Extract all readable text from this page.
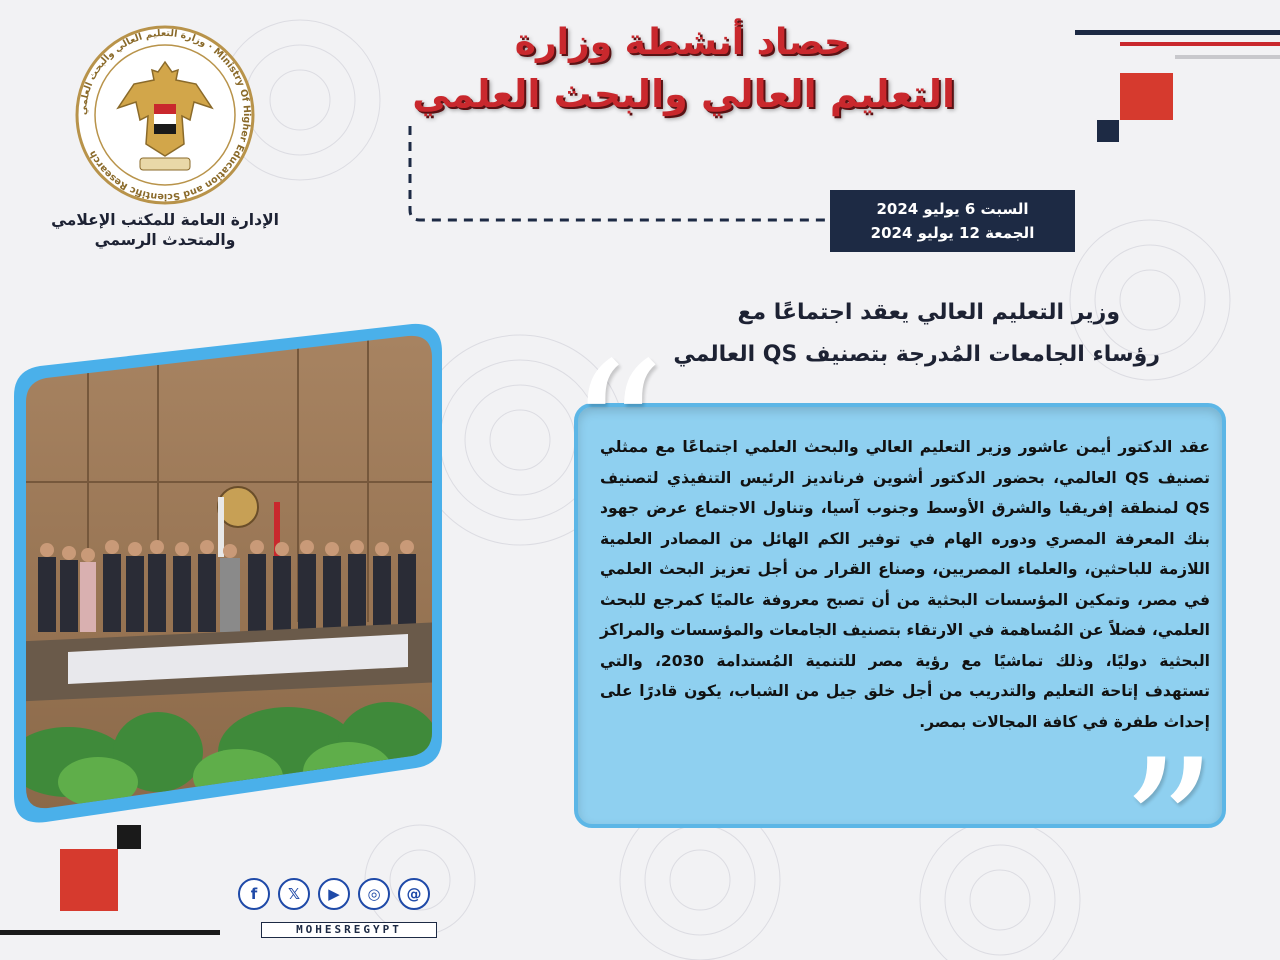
وزارة التعليم العالي والبحث العلمي · Ministry Of Higher Education and Scientific Research
الإدارة العامة للمكتب الإعلامي
والمتحدث الرسمي
حصاد أنشطة وزارة
التعليم العالي والبحث العلمي
السبت 6 يوليو 2024
الجمعة 12 يوليو 2024
وزير التعليم العالي يعقد اجتماعًا مع
رؤساء الجامعات المُدرجة بتصنيف QS العالمي
“
”
عقد الدكتور أيمن عاشور وزير التعليم العالي والبحث العلمي اجتماعًا مع ممثلي تصنيف QS العالمي، بحضور الدكتور أشوين فرنانديز الرئيس التنفيذي لتصنيف QS لمنطقة إفريقيا والشرق الأوسط وجنوب آسيا، وتناول الاجتماع عرض جهود بنك المعرفة المصري ودوره الهام في توفير الكم الهائل من المصادر العلمية اللازمة للباحثين، والعلماء المصريين، وصناع القرار من أجل تعزيز البحث العلمي في مصر، وتمكين المؤسسات البحثية من أن تصبح معروفة عالميًا كمرجع للبحث العلمي، فضلاً عن المُساهمة في الارتقاء بتصنيف الجامعات والمؤسسات والمراكز البحثية دوليًا، وذلك تماشيًا مع رؤية مصر للتنمية المُستدامة 2030، والتي تستهدف إتاحة التعليم والتدريب من أجل خلق جيل من الشباب، يكون قادرًا على إحداث طفرة في كافة المجالات بمصر.
f	𝕏	▶	◎	@
MOHESREGYPT
